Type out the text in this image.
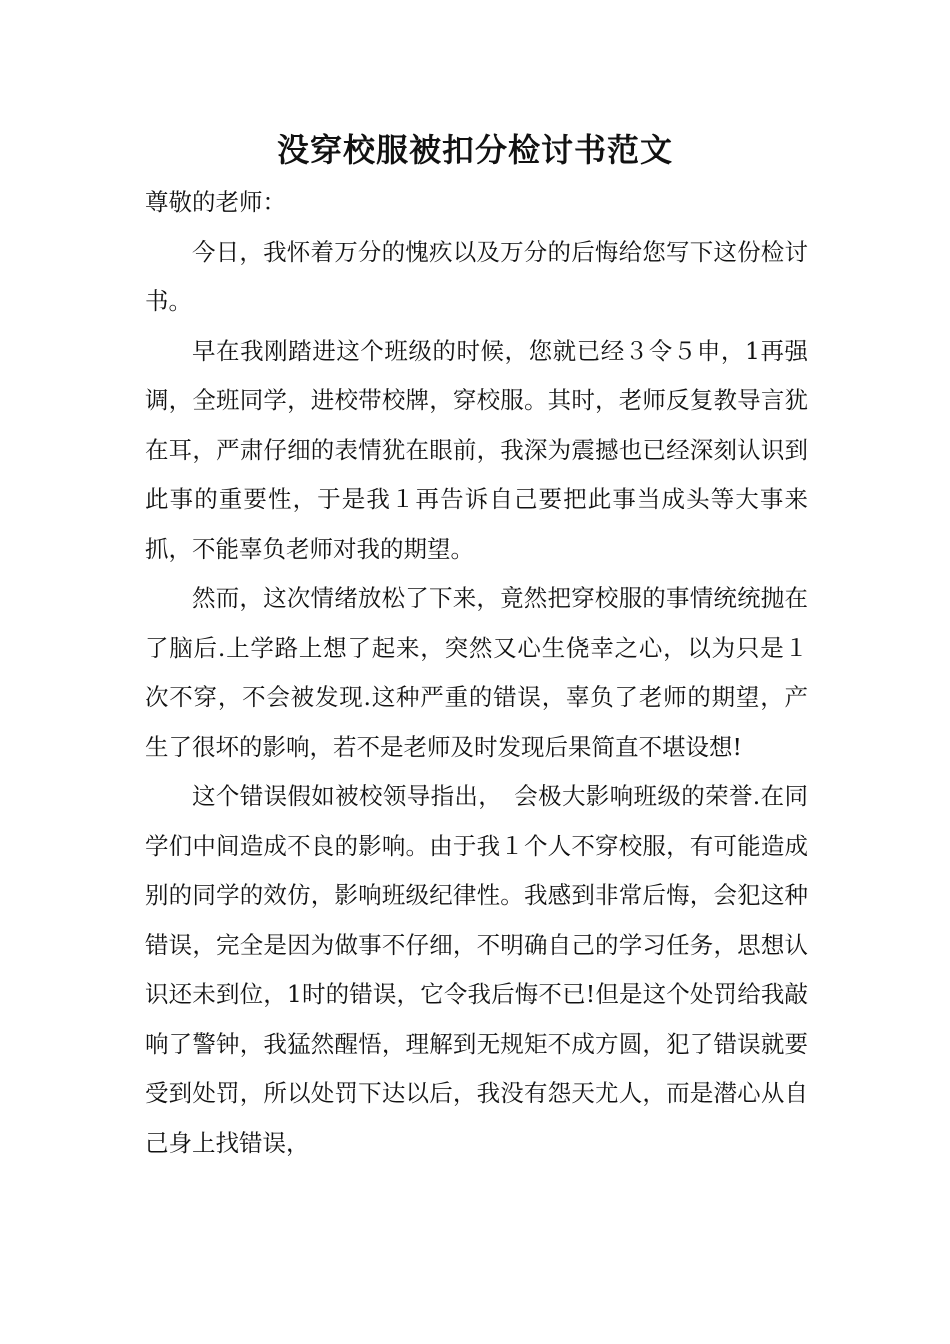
没穿校服被扣分检讨书范文

尊敬的老师：

今日，我怀着万分的愧疚以及万分的后悔给您写下这份检讨书。

早在我刚踏进这个班级的时候，您就已经３令５申，1再强调，全班同学，进校带校牌，穿校服。其时，老师反复教导言犹在耳，严肃仔细的表情犹在眼前，我深为震撼也已经深刻认识到此事的重要性，于是我１再告诉自己要把此事当成头等大事来抓，不能辜负老师对我的期望。

然而，这次情绪放松了下来，竟然把穿校服的事情统统抛在了脑后.上学路上想了起来，突然又心生侥幸之心，以为只是１次不穿，不会被发现.这种严重的错误，辜负了老师的期望，产生了很坏的影响，若不是老师及时发现后果简直不堪设想!

这个错误假如被校领导指出，　会极大影响班级的荣誉.在同学们中间造成不良的影响。由于我１个人不穿校服，有可能造成别的同学的效仿，影响班级纪律性。我感到非常后悔，会犯这种错误，完全是因为做事不仔细，不明确自己的学习任务，思想认识还未到位，1时的错误，它令我后悔不已!但是这个处罚给我敲响了警钟，我猛然醒悟，理解到无规矩不成方圆，犯了错误就要受到处罚，所以处罚下达以后，我没有怨天尤人，而是潜心从自己身上找错误，
